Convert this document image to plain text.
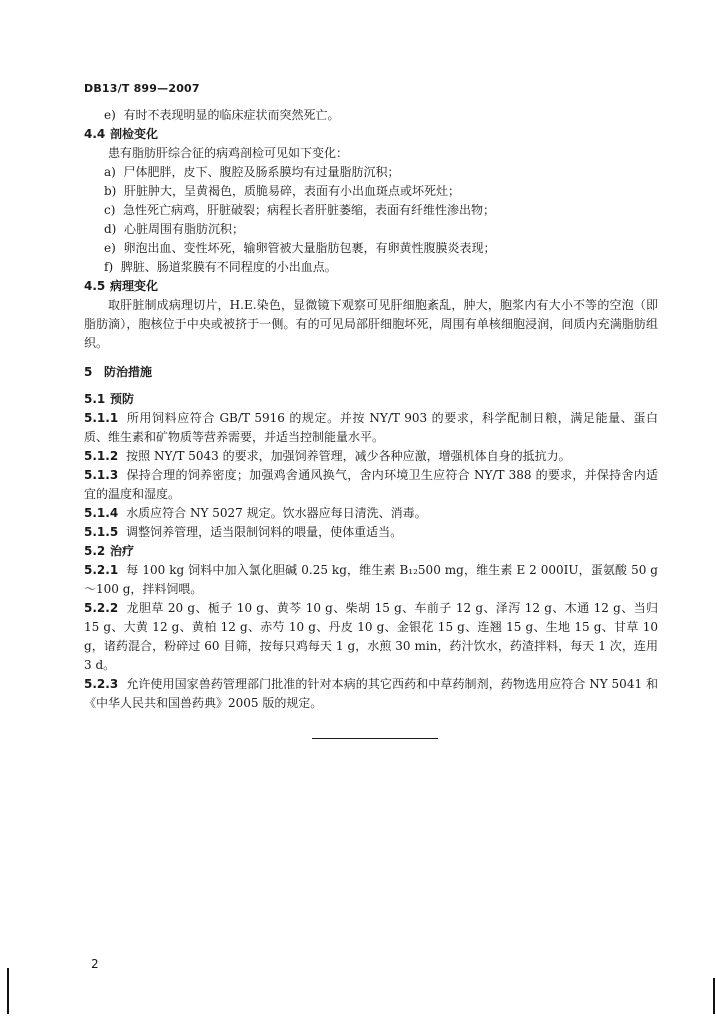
DB13/T 899—2007
e) 有时不表现明显的临床症状而突然死亡。
4.4 剖检变化
患有脂肪肝综合征的病鸡剖检可见如下变化：
a) 尸体肥胖，皮下、腹腔及肠系膜均有过量脂肪沉积；
b) 肝脏肿大，呈黄褐色，质脆易碎，表面有小出血斑点或坏死灶；
c) 急性死亡病鸡，肝脏破裂；病程长者肝脏萎缩，表面有纤维性渗出物；
d) 心脏周围有脂肪沉积；
e) 卵泡出血、变性坏死，输卵管被大量脂肪包裹，有卵黄性腹膜炎表现；
f) 脾脏、肠道浆膜有不同程度的小出血点。
4.5 病理变化
取肝脏制成病理切片，H.E.染色，显微镜下观察可见肝细胞紊乱，肿大，胞浆内有大小不等的空泡（即脂肪滴），胞核位于中央或被挤于一侧。有的可见局部肝细胞坏死，周围有单核细胞浸润，间质内充满脂肪组织。
5 防治措施
5.1 预防
5.1.1 所用饲料应符合 GB/T 5916 的规定。并按 NY/T 903 的要求，科学配制日粮，满足能量、蛋白质、维生素和矿物质等营养需要，并适当控制能量水平。
5.1.2 按照 NY/T 5043 的要求，加强饲养管理，减少各种应激，增强机体自身的抵抗力。
5.1.3 保持合理的饲养密度；加强鸡舍通风换气，舍内环境卫生应符合 NY/T 388 的要求，并保持舍内适宜的温度和湿度。
5.1.4 水质应符合 NY 5027 规定。饮水器应每日清洗、消毒。
5.1.5 调整饲养管理，适当限制饲料的喂量，使体重适当。
5.2 治疗
5.2.1 每 100 kg 饲料中加入氯化胆碱 0.25 kg，维生素 B₁₂500 mg，维生素 E 2 000IU，蛋氨酸 50 g～100 g，拌料饲喂。
5.2.2 龙胆草 20 g、栀子 10 g、黄芩 10 g、柴胡 15 g、车前子 12 g、泽泻 12 g、木通 12 g、当归 15 g、大黄 12 g、黄柏 12 g、赤芍 10 g、丹皮 10 g、金银花 15 g、连翘 15 g、生地 15 g、甘草 10 g，诸药混合，粉碎过 60 目筛，按每只鸡每天 1 g，水煎 30 min，药汁饮水，药渣拌料，每天 1 次，连用 3 d。
5.2.3 允许使用国家兽药管理部门批准的针对本病的其它西药和中草药制剂，药物选用应符合 NY 5041 和《中华人民共和国兽药典》2005 版的规定。
2
